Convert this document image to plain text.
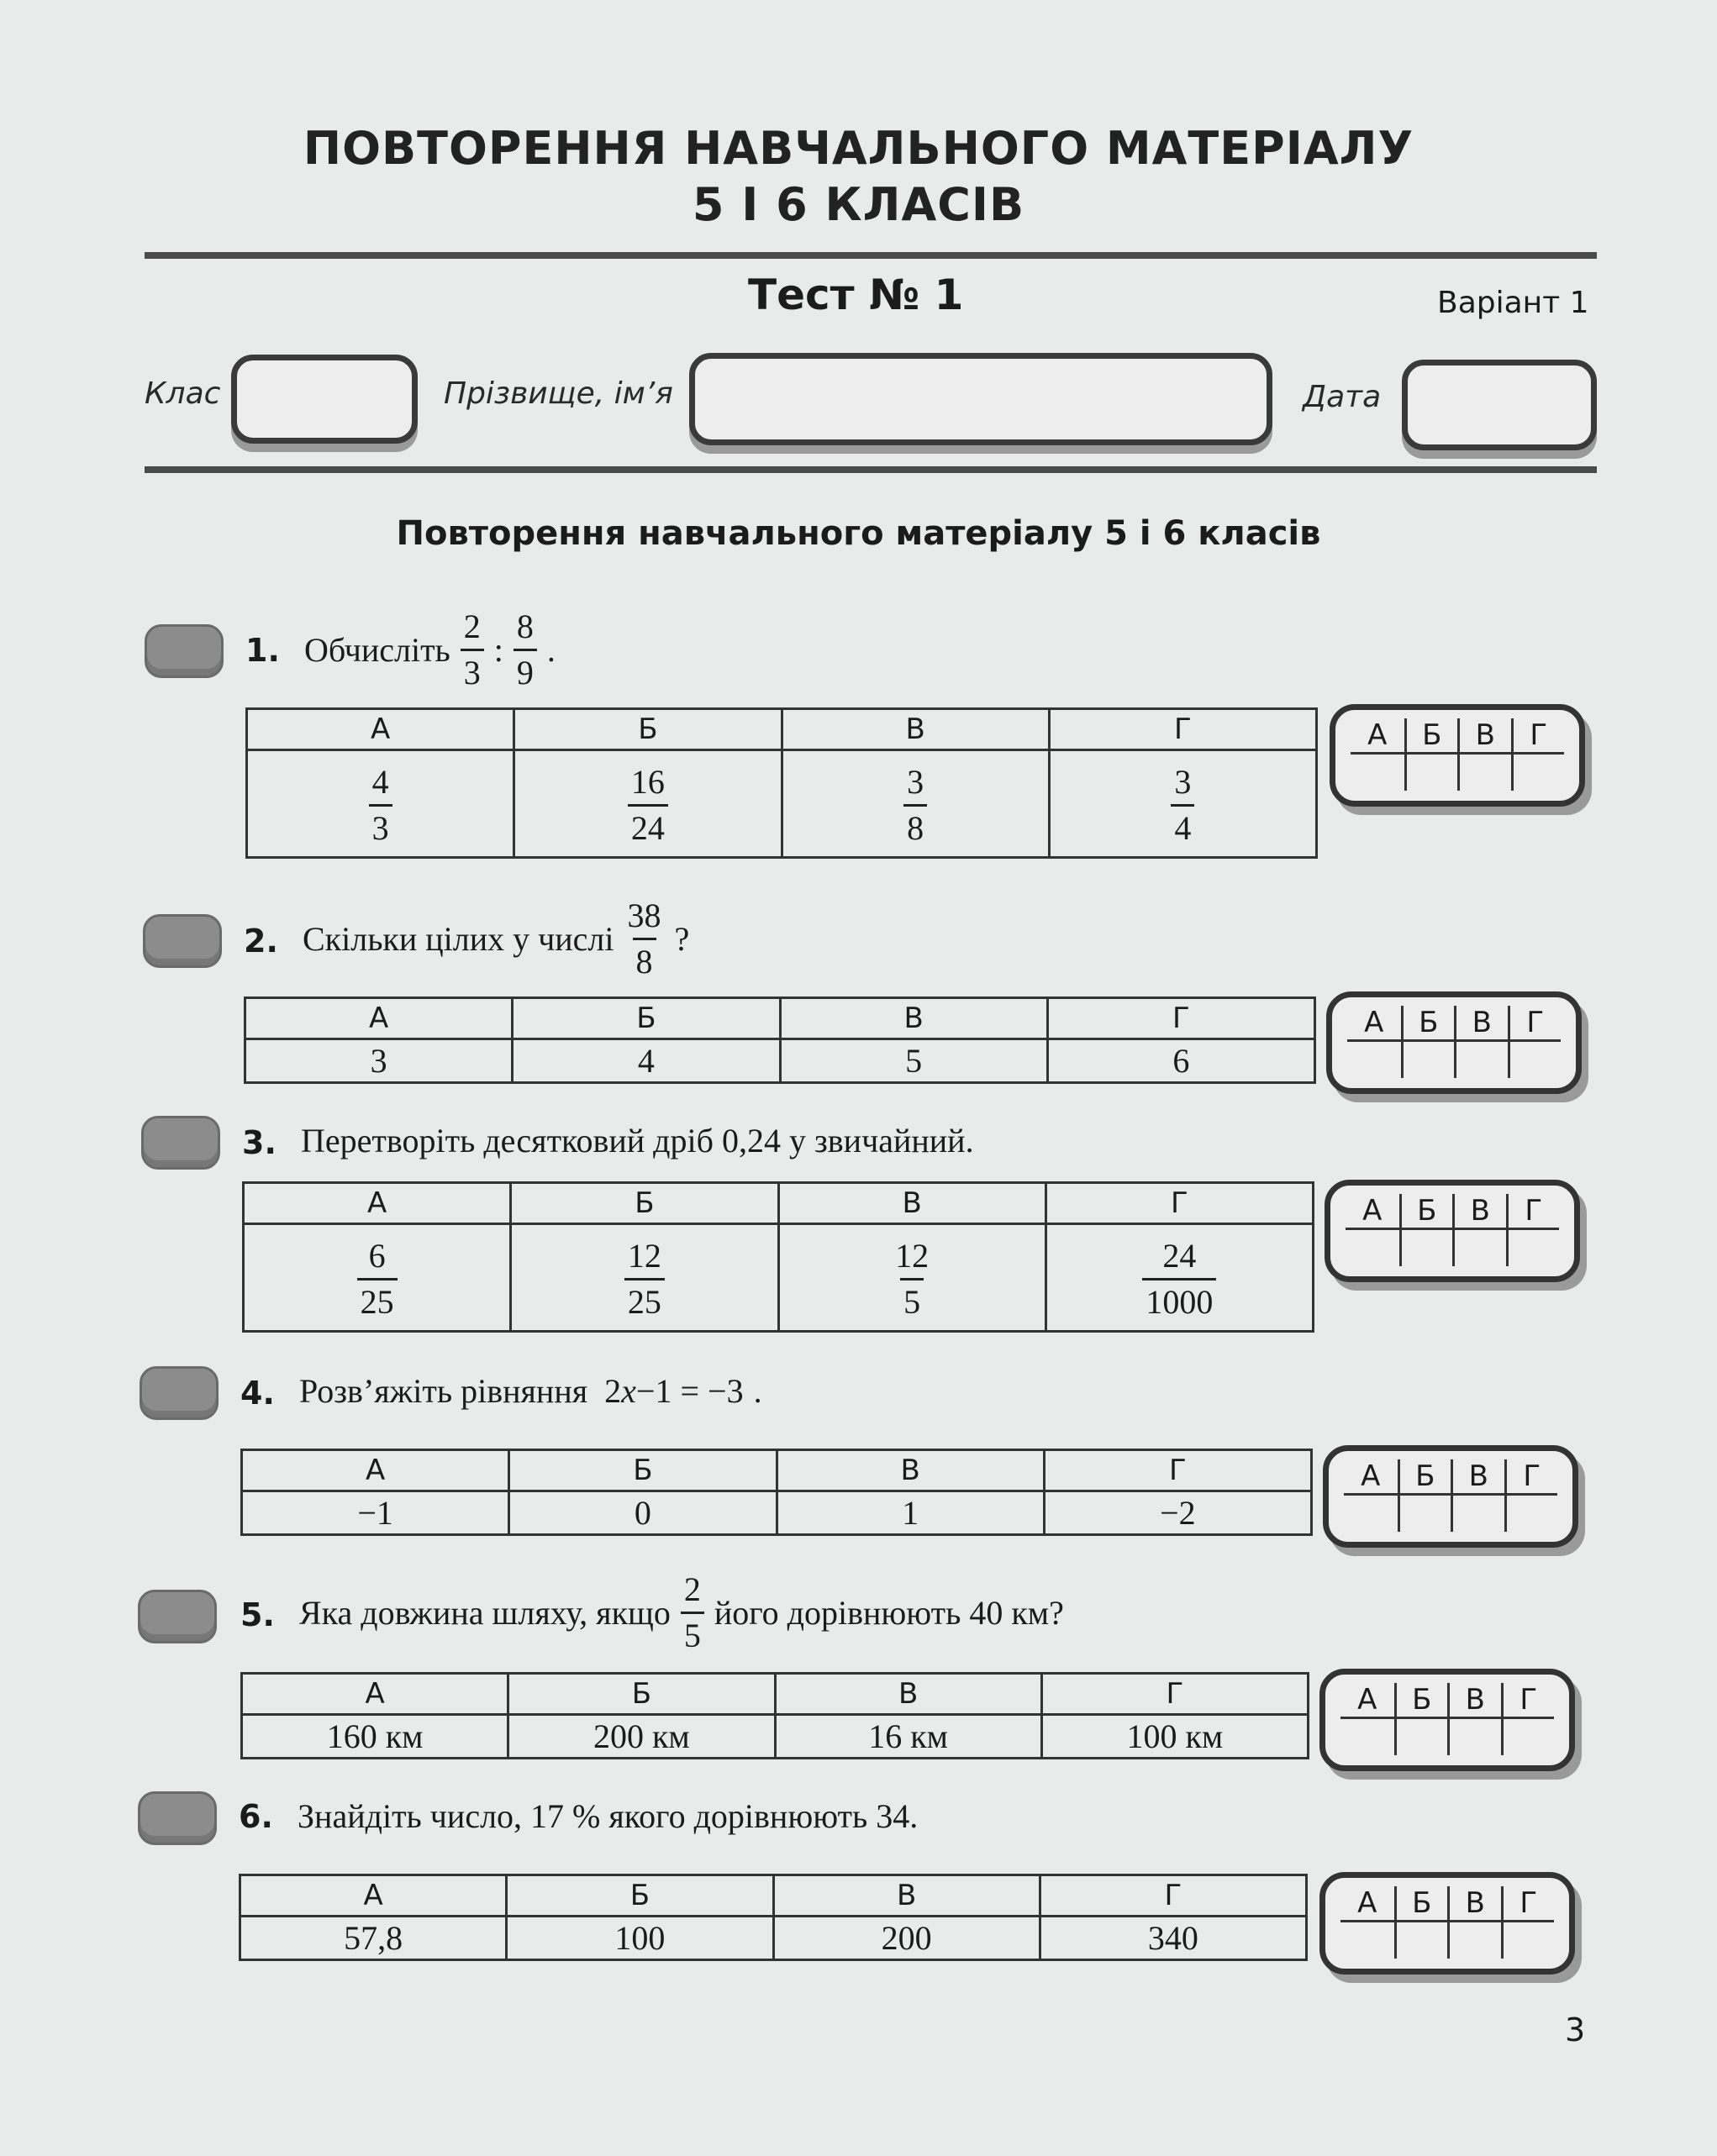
ПОВТОРЕННЯ НАВЧАЛЬНОГО МАТЕРІАЛУ
5 І 6 КЛАСІВ
Тест № 1	Варіант 1
Клас	Прізвище, ім’я	Дата
Повторення навчального матеріалу 5 і 6 класів
1. Обчисліть $\frac{2}{3}$ : $\frac{8}{9}$ .
А	Б	В	Г

$\frac{4}{3}$	$\frac{16}{24}$	$\frac{3}{8}$	$\frac{3}{4}$
А	Б	В	Г
2. Скільки цілих у числі $\frac{38}{8}$ ?
А	Б	В	Г
3	4	5	6
А	Б	В	Г
3. Перетворіть десятковий дріб 0,24 у звичайний.
А	Б	В	Г

$\frac{6}{25}$	$\frac{12}{25}$	$\frac{12}{5}$	$\frac{24}{1000}$
А	Б	В	Г
4. Розв’яжіть рівняння 2x−1 = −3 .
А	Б	В	Г
−1	0	1	−2
А	Б	В	Г
5. Яка довжина шляху, якщо $\frac{2}{5}$ його дорівнюють 40 км?
А	Б	В	Г
160 км	200 км	16 км	100 км
А	Б	В	Г
6. Знайдіть число, 17 % якого дорівнюють 34.
А	Б	В	Г
57,8	100	200	340
А	Б	В	Г
3
